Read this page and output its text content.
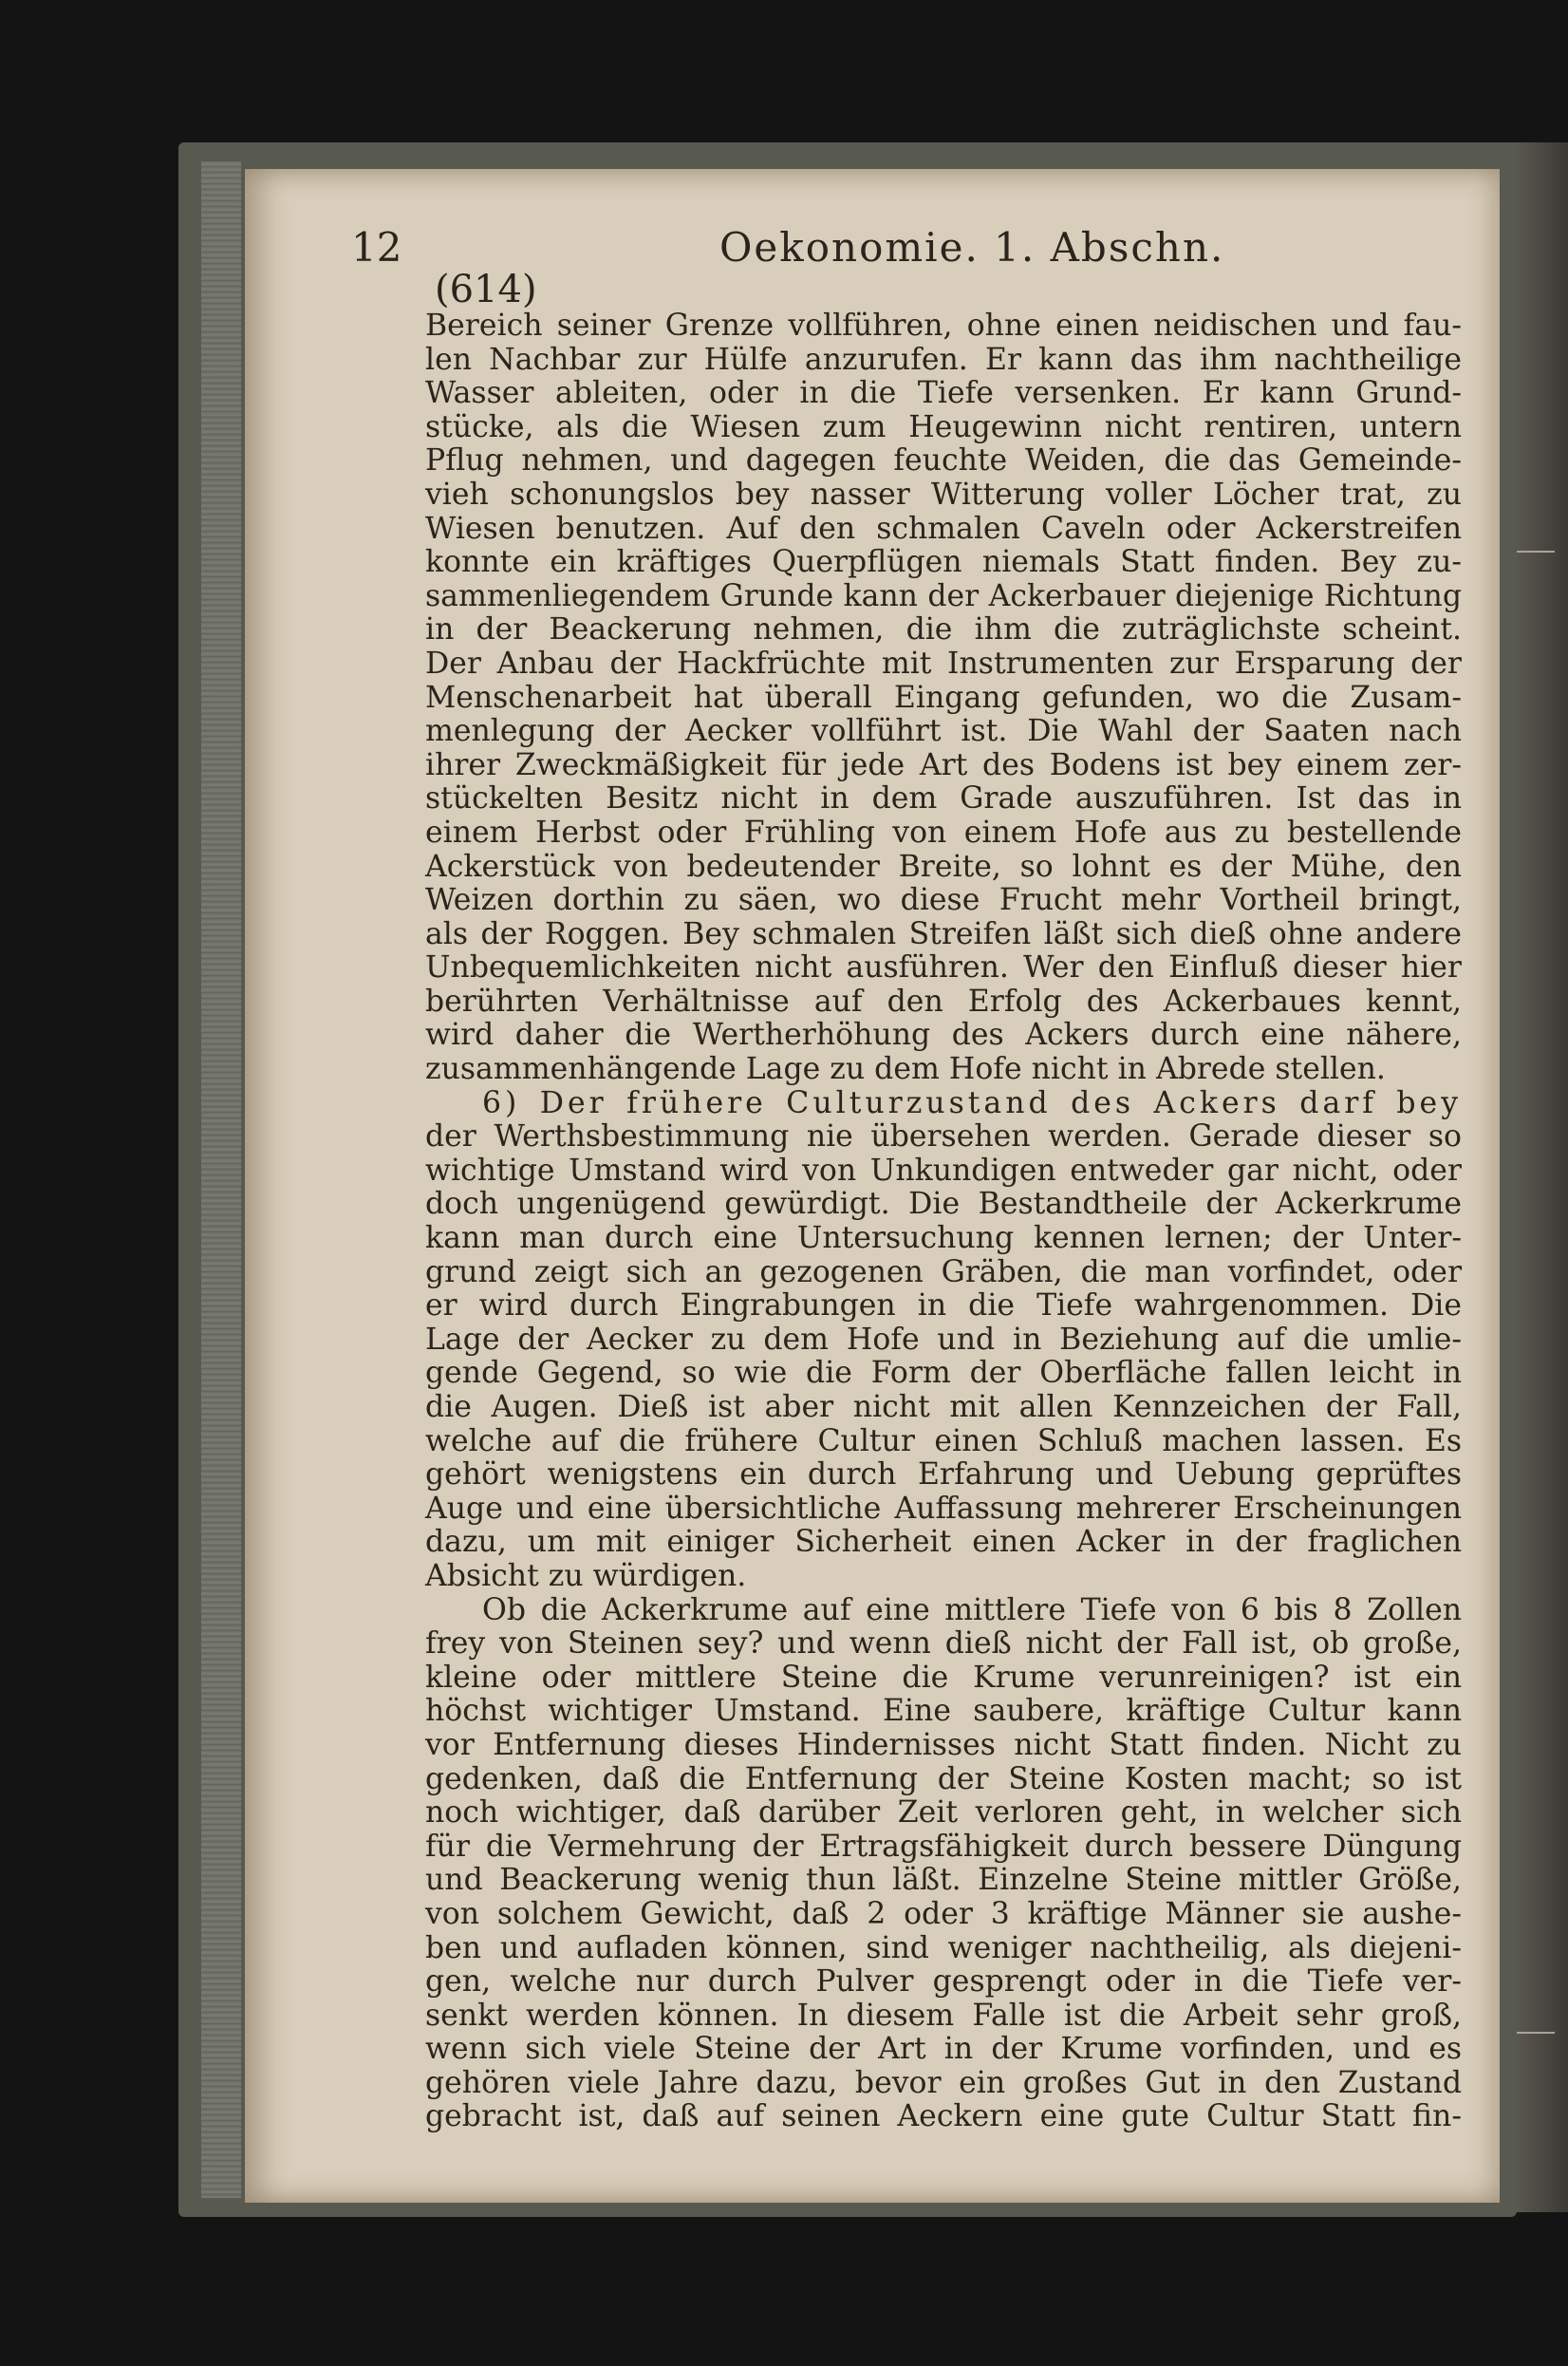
12	Oekonomie. 1. Abschn.
(614)
Bereich seiner Grenze vollführen, ohne einen neidischen und fau-
len Nachbar zur Hülfe anzurufen. Er kann das ihm nachtheilige
Wasser ableiten, oder in die Tiefe versenken. Er kann Grund-
stücke, als die Wiesen zum Heugewinn nicht rentiren, untern
Pflug nehmen, und dagegen feuchte Weiden, die das Gemeinde-
vieh schonungslos bey nasser Witterung voller Löcher trat, zu
Wiesen benutzen. Auf den schmalen Caveln oder Ackerstreifen
konnte ein kräftiges Querpflügen niemals Statt finden. Bey zu-
sammenliegendem Grunde kann der Ackerbauer diejenige Richtung
in der Beackerung nehmen, die ihm die zuträglichste scheint.
Der Anbau der Hackfrüchte mit Instrumenten zur Ersparung der
Menschenarbeit hat überall Eingang gefunden, wo die Zusam-
menlegung der Aecker vollführt ist. Die Wahl der Saaten nach
ihrer Zweckmäßigkeit für jede Art des Bodens ist bey einem zer-
stückelten Besitz nicht in dem Grade auszuführen. Ist das in
einem Herbst oder Frühling von einem Hofe aus zu bestellende
Ackerstück von bedeutender Breite, so lohnt es der Mühe, den
Weizen dorthin zu säen, wo diese Frucht mehr Vortheil bringt,
als der Roggen. Bey schmalen Streifen läßt sich dieß ohne andere
Unbequemlichkeiten nicht ausführen. Wer den Einfluß dieser hier
berührten Verhältnisse auf den Erfolg des Ackerbaues kennt,
wird daher die Wertherhöhung des Ackers durch eine nähere,
zusammenhängende Lage zu dem Hofe nicht in Abrede stellen.
6) Der frühere Culturzustand des Ackers darf bey
der Werthsbestimmung nie übersehen werden. Gerade dieser so
wichtige Umstand wird von Unkundigen entweder gar nicht, oder
doch ungenügend gewürdigt. Die Bestandtheile der Ackerkrume
kann man durch eine Untersuchung kennen lernen; der Unter-
grund zeigt sich an gezogenen Gräben, die man vorfindet, oder
er wird durch Eingrabungen in die Tiefe wahrgenommen. Die
Lage der Aecker zu dem Hofe und in Beziehung auf die umlie-
gende Gegend, so wie die Form der Oberfläche fallen leicht in
die Augen. Dieß ist aber nicht mit allen Kennzeichen der Fall,
welche auf die frühere Cultur einen Schluß machen lassen. Es
gehört wenigstens ein durch Erfahrung und Uebung geprüftes
Auge und eine übersichtliche Auffassung mehrerer Erscheinungen
dazu, um mit einiger Sicherheit einen Acker in der fraglichen
Absicht zu würdigen.
Ob die Ackerkrume auf eine mittlere Tiefe von 6 bis 8 Zollen
frey von Steinen sey? und wenn dieß nicht der Fall ist, ob große,
kleine oder mittlere Steine die Krume verunreinigen? ist ein
höchst wichtiger Umstand. Eine saubere, kräftige Cultur kann
vor Entfernung dieses Hindernisses nicht Statt finden. Nicht zu
gedenken, daß die Entfernung der Steine Kosten macht; so ist
noch wichtiger, daß darüber Zeit verloren geht, in welcher sich
für die Vermehrung der Ertragsfähigkeit durch bessere Düngung
und Beackerung wenig thun läßt. Einzelne Steine mittler Größe,
von solchem Gewicht, daß 2 oder 3 kräftige Männer sie aushe-
ben und aufladen können, sind weniger nachtheilig, als diejeni-
gen, welche nur durch Pulver gesprengt oder in die Tiefe ver-
senkt werden können. In diesem Falle ist die Arbeit sehr groß,
wenn sich viele Steine der Art in der Krume vorfinden, und es
gehören viele Jahre dazu, bevor ein großes Gut in den Zustand
gebracht ist, daß auf seinen Aeckern eine gute Cultur Statt fin-
